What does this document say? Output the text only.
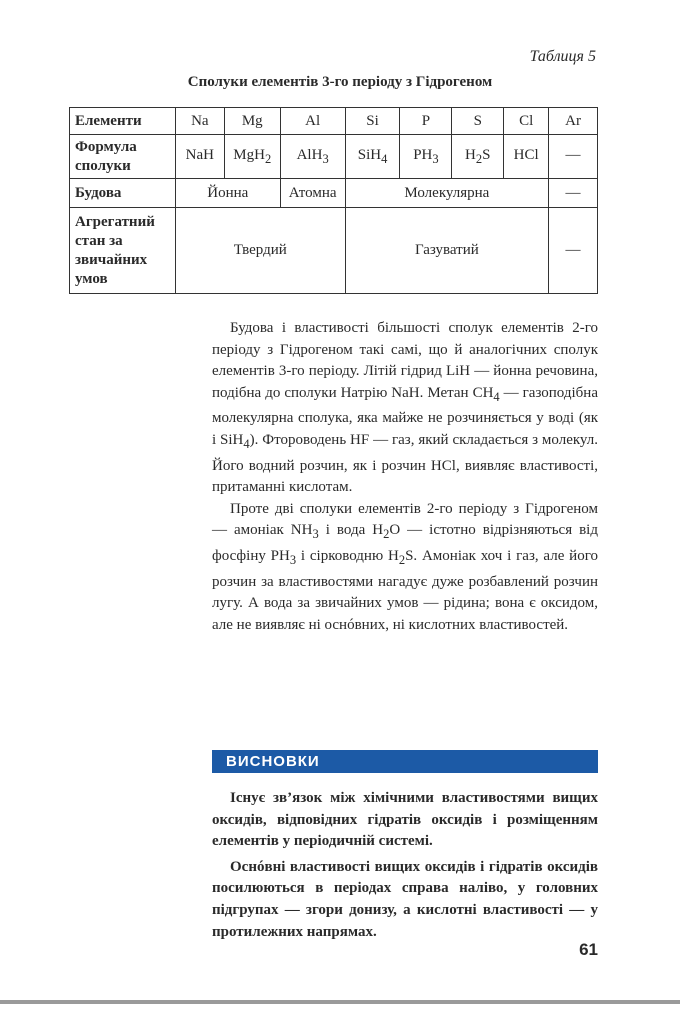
Таблиця 5
Сполуки елементів 3-го періоду з Гідрогеном
Елементи	Na	Mg	Al	Si	P	S	Cl	Ar
Формула сполуки	NaH	MgH$_2$	AlH$_3$	SiH$_4$	$PH_3$	$H_2S$	HCl	—
Будова	Йонна		Атомна	Молекулярна				—
Агрегатний стан за звичайних умов	Твердий			Газуватий				—

Будова і властивості більшості сполук елементів 2-го періоду з Гідрогеном такі самі, що й аналогічних сполук елементів 3-го періоду. Літій гідрид LiH — йонна речовина, подібна до сполуки Натрію NaH. Метан $CH_4$ — газоподібна молекулярна сполука, яка майже не розчиняється у воді (як і SiH$_4$). Фтороводень HF — газ, який складається з молекул. Його водний розчин, як і розчин HCl, виявляє властивості, притаманні кислотам.

Проте дві сполуки елементів 2-го періоду з Гідрогеном — амоніак $NH_3$ і вода $H_2O$ — істотно відрізняються від фосфіну $PH_3$ і сірководню $H_2S$. Амоніак хоч і газ, але його розчин за властивостями нагадує дуже розбавлений розчин лугу. А вода за звичайних умов — рідина; вона є оксидом, але не виявляє ні оснóвних, ні кислотних властивостей.

ВИСНОВКИ

Існує зв’язок між хімічними властивостями вищих оксидів, відповідних гідратів оксидів і розміщенням елементів у періодичній системі.

Оснóвні властивості вищих оксидів і гідратів оксидів посилюються в періодах справа наліво, у головних підгрупах — згори донизу, а кислотні властивості — у протилежних напрямах.

61
